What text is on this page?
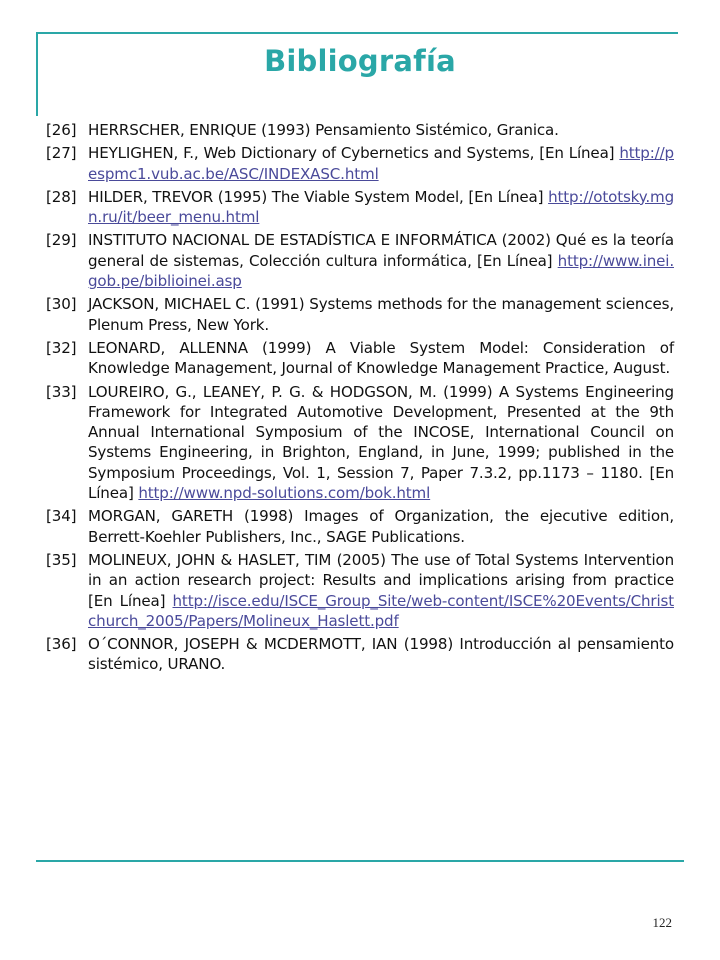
Bibliografía
[26] HERRSCHER, ENRIQUE (1993) Pensamiento Sistémico, Granica.
[27] HEYLIGHEN, F., Web Dictionary of Cybernetics and Systems, [En Línea] http://pespmc1.vub.ac.be/ASC/INDEXASC.html
[28] HILDER, TREVOR (1995) The Viable System Model, [En Línea] http://ototsky.mgn.ru/it/beer_menu.html
[29] INSTITUTO NACIONAL DE ESTADÍSTICA E INFORMÁTICA (2002) Qué es la teoría general de sistemas, Colección cultura informática, [En Línea] http://www.inei.gob.pe/biblioinei.asp
[30] JACKSON, MICHAEL C. (1991) Systems methods for the management sciences, Plenum Press, New York.
[32] LEONARD, ALLENNA (1999) A Viable System Model: Consideration of Knowledge Management, Journal of Knowledge Management Practice, August.
[33] LOUREIRO, G., LEANEY, P. G. & HODGSON, M. (1999) A Systems Engineering Framework for Integrated Automotive Development, Presented at the 9th Annual International Symposium of the INCOSE, International Council on Systems Engineering, in Brighton, England, in June, 1999; published in the Symposium Proceedings, Vol. 1, Session 7, Paper 7.3.2, pp.1173 – 1180. [En Línea] http://www.npd-solutions.com/bok.html
[34] MORGAN, GARETH (1998) Images of Organization, the ejecutive edition, Berrett-Koehler Publishers, Inc., SAGE Publications.
[35] MOLINEUX, JOHN & HASLET, TIM (2005) The use of Total Systems Intervention in an action research project: Results and implications arising from practice [En Línea] http://isce.edu/ISCE_Group_Site/web-content/ISCE%20Events/Christchurch_2005/Papers/Molineux_Haslett.pdf
[36] O´CONNOR, JOSEPH & MCDERMOTT, IAN (1998) Introducción al pensamiento sistémico, URANO.
122
